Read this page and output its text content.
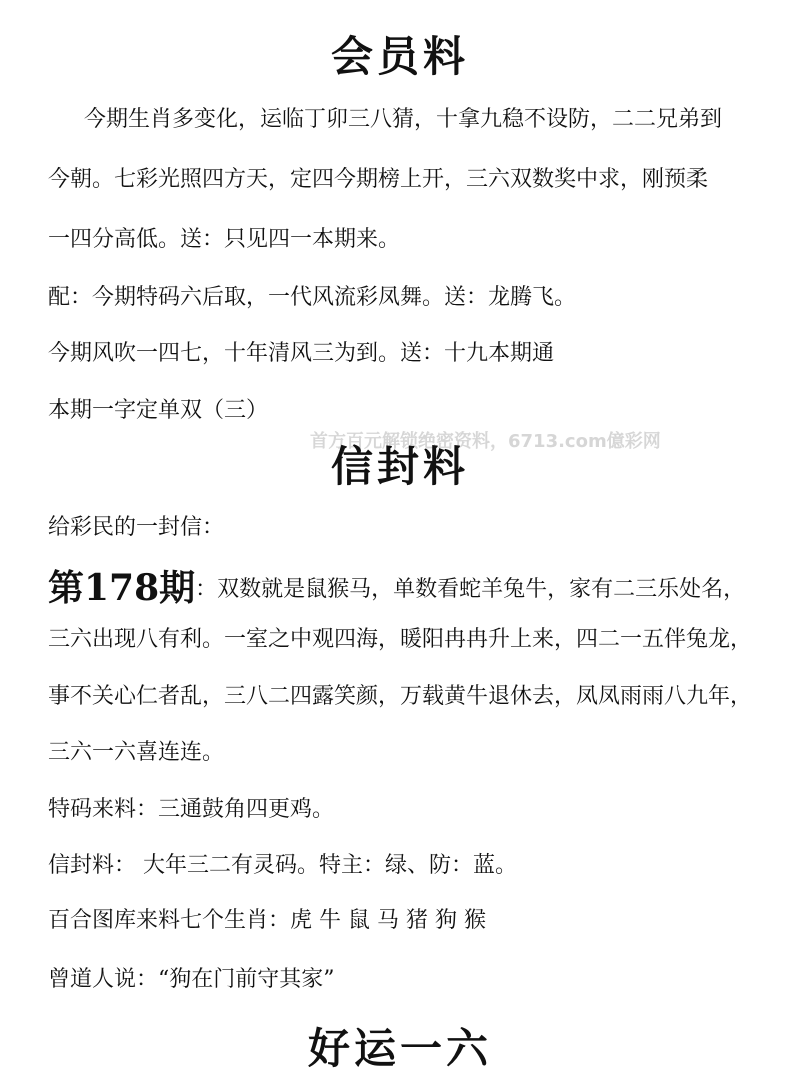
会员料

今期生肖多变化，运临丁卯三八猜，十拿九稳不设防，二二兄弟到

今朝。七彩光照四方天，定四今期榜上开，三六双数奖中求，刚预柔

一四分高低。送：只见四一本期来。

配：今期特码六后取，一代风流彩凤舞。送：龙腾飞。

今期风吹一四七，十年清风三为到。送：十九本期通

本期一字定单双（三）

首方百元解锁绝密资料，6713.com億彩网
信封料

给彩民的一封信：

第178期：双数就是鼠猴马，单数看蛇羊兔牛，家有二三乐处名，

三六出现八有利。一室之中观四海，暖阳冉冉升上来，四二一五伴兔龙，

事不关心仁者乱，三八二四露笑颜，万载黄牛退休去，凤凤雨雨八九年，

三六一六喜连连。

特码来料：三通鼓角四更鸡。

信封料： 大年三二有灵码。特主：绿、防：蓝。

百合图库来料七个生肖：虎 牛 鼠 马 猪 狗 猴

曾道人说：“狗在门前守其家”

好运一六
